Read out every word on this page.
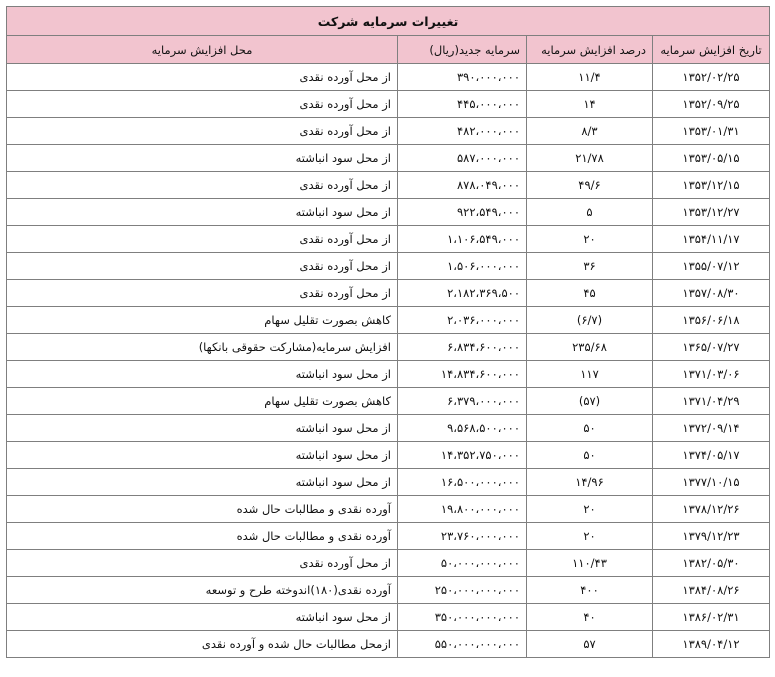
تغییرات سرمایه شرکت			
تاریخ افزایش سرمایه	درصد افزایش سرمایه	سرمایه جدید(ریال)	محل افزایش سرمایه
۱۳۵۲/۰۲/۲۵	۱۱/۴	۳۹۰،۰۰۰،۰۰۰	از محل آورده نقدی
۱۳۵۲/۰۹/۲۵	۱۴	۴۴۵،۰۰۰،۰۰۰	از محل آورده نقدی
۱۳۵۳/۰۱/۳۱	۸/۳	۴۸۲،۰۰۰،۰۰۰	از محل آورده نقدی
۱۳۵۳/۰۵/۱۵	۲۱/۷۸	۵۸۷،۰۰۰،۰۰۰	از محل سود انباشته
۱۳۵۳/۱۲/۱۵	۴۹/۶	۸۷۸،۰۴۹،۰۰۰	از محل آورده نقدی
۱۳۵۳/۱۲/۲۷	۵	۹۲۲،۵۴۹،۰۰۰	از محل سود انباشته
۱۳۵۴/۱۱/۱۷	۲۰	۱،۱۰۶،۵۴۹،۰۰۰	از محل آورده نقدی
۱۳۵۵/۰۷/۱۲	۳۶	۱،۵۰۶،۰۰۰،۰۰۰	از محل آورده نقدی
۱۳۵۷/۰۸/۳۰	۴۵	۲،۱۸۲،۳۶۹،۵۰۰	از محل آورده نقدی
۱۳۵۶/۰۶/۱۸	(۶/۷)	۲،۰۳۶،۰۰۰،۰۰۰	کاهش بصورت تقلیل سهام
۱۳۶۵/۰۷/۲۷	۲۳۵/۶۸	۶،۸۳۴،۶۰۰،۰۰۰	افزایش سرمایه(مشارکت حقوقی بانکها)
۱۳۷۱/۰۳/۰۶	۱۱۷	۱۴،۸۳۴،۶۰۰،۰۰۰	از محل سود انباشته
۱۳۷۱/۰۴/۲۹	(۵۷)	۶،۳۷۹،۰۰۰،۰۰۰	کاهش بصورت تقلیل سهام
۱۳۷۲/۰۹/۱۴	۵۰	۹،۵۶۸،۵۰۰،۰۰۰	از محل سود انباشته
۱۳۷۴/۰۵/۱۷	۵۰	۱۴،۳۵۲،۷۵۰،۰۰۰	از محل سود انباشته
۱۳۷۷/۱۰/۱۵	۱۴/۹۶	۱۶،۵۰۰،۰۰۰،۰۰۰	از محل سود انباشته
۱۳۷۸/۱۲/۲۶	۲۰	۱۹،۸۰۰،۰۰۰،۰۰۰	آورده نقدی و مطالبات حال شده
۱۳۷۹/۱۲/۲۳	۲۰	۲۳،۷۶۰،۰۰۰،۰۰۰	آورده نقدی و مطالبات حال شده
۱۳۸۲/۰۵/۳۰	۱۱۰/۴۳	۵۰،۰۰۰،۰۰۰،۰۰۰	از محل آورده نقدی
۱۳۸۴/۰۸/۲۶	۴۰۰	۲۵۰،۰۰۰،۰۰۰،۰۰۰	آورده نقدی(۱۸۰)اندوخته طرح و توسعه
۱۳۸۶/۰۲/۳۱	۴۰	۳۵۰،۰۰۰،۰۰۰،۰۰۰	از محل سود انباشته
۱۳۸۹/۰۴/۱۲	۵۷	۵۵۰،۰۰۰،۰۰۰،۰۰۰	ازمحل مطالبات حال شده و آورده نقدی
